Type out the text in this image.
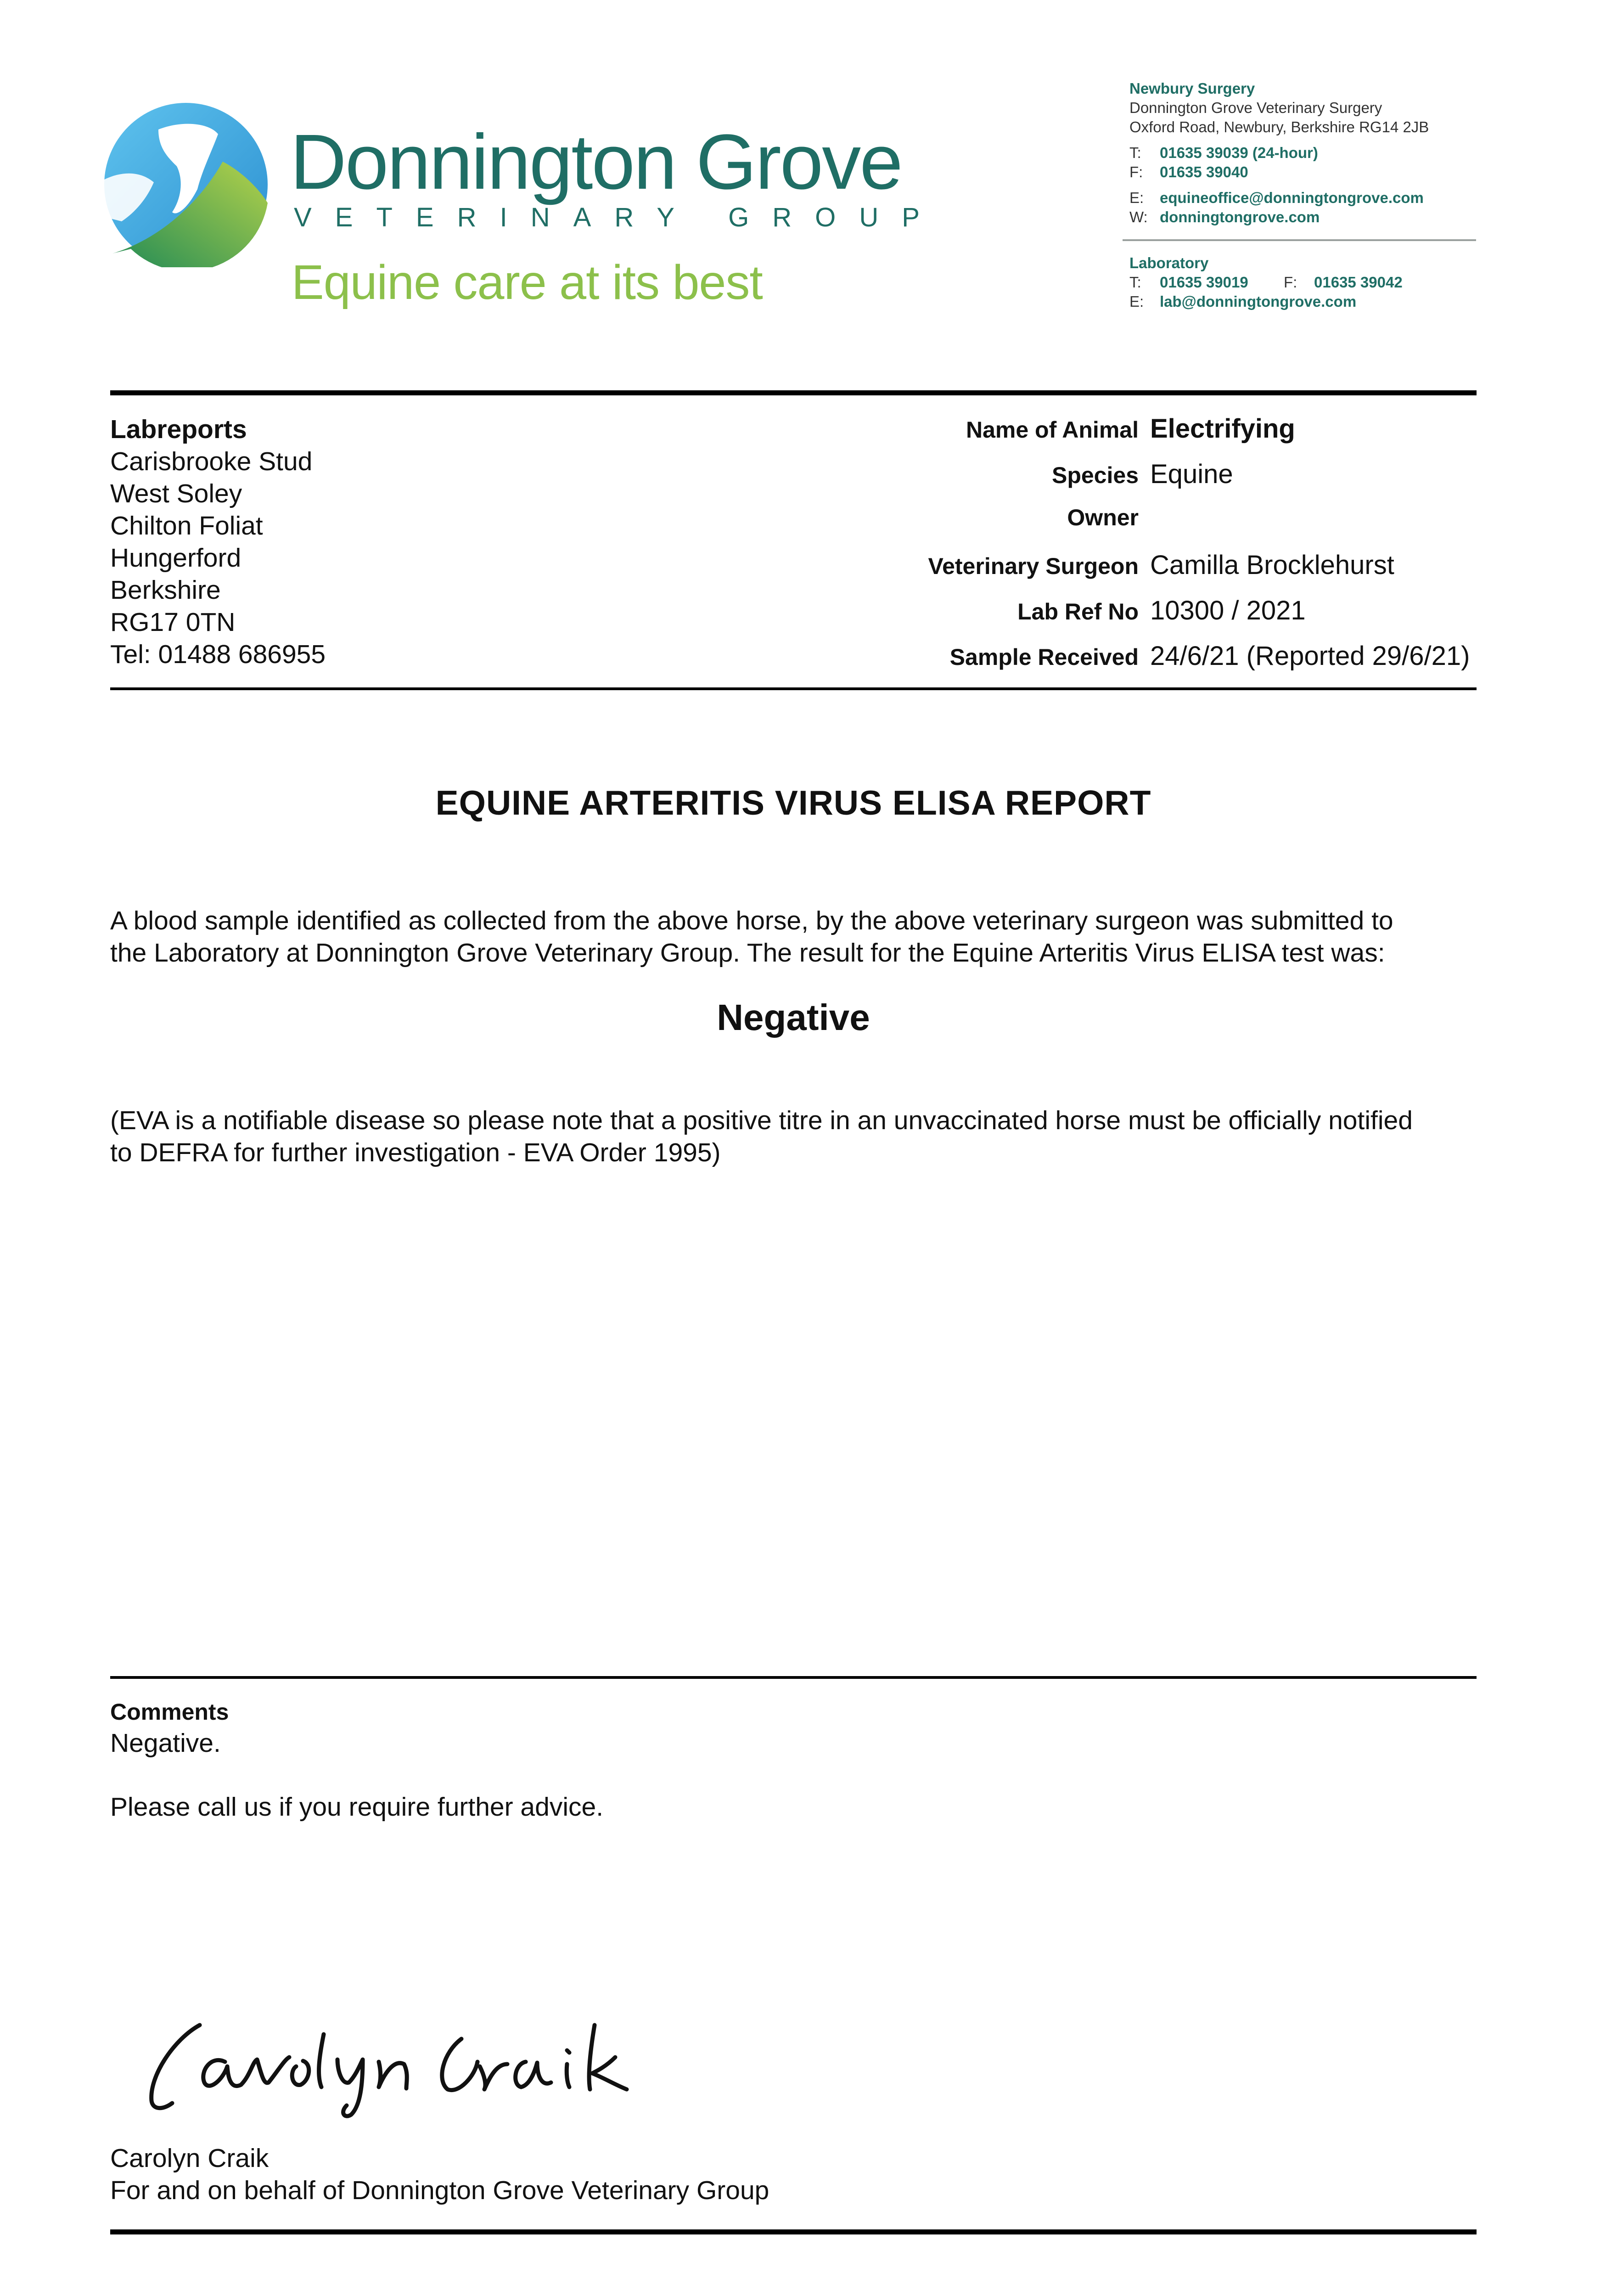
Donnington Grove
VETERINARY GROUP
Equine care at its best
Newbury Surgery
Donnington Grove Veterinary Surgery
Oxford Road, Newbury, Berkshire RG14 2JB
T: 01635 39039 (24-hour)
F: 01635 39040
E: equineoffice@donningtongrove.com
W: donningtongrove.com
Laboratory
T: 01635 39019 F: 01635 39042
E: lab@donningtongrove.com
Labreports
Carisbrooke Stud
West Soley
Chilton Foliat
Hungerford
Berkshire
RG17 0TN
Tel: 01488 686955
Name of Animal Electrifying
Species Equine
Owner
Veterinary Surgeon Camilla Brocklehurst
Lab Ref No 10300 / 2021
Sample Received 24/6/21 (Reported 29/6/21)
EQUINE ARTERITIS VIRUS ELISA REPORT
A blood sample identified as collected from the above horse, by the above veterinary surgeon was submitted to
the Laboratory at Donnington Grove Veterinary Group. The result for the Equine Arteritis Virus ELISA test was:
Negative
(EVA is a notifiable disease so please note that a positive titre in an unvaccinated horse must be officially notified
to DEFRA for further investigation - EVA Order 1995)
Comments
Negative.
Please call us if you require further advice.
Carolyn Craik
For and on behalf of Donnington Grove Veterinary Group
